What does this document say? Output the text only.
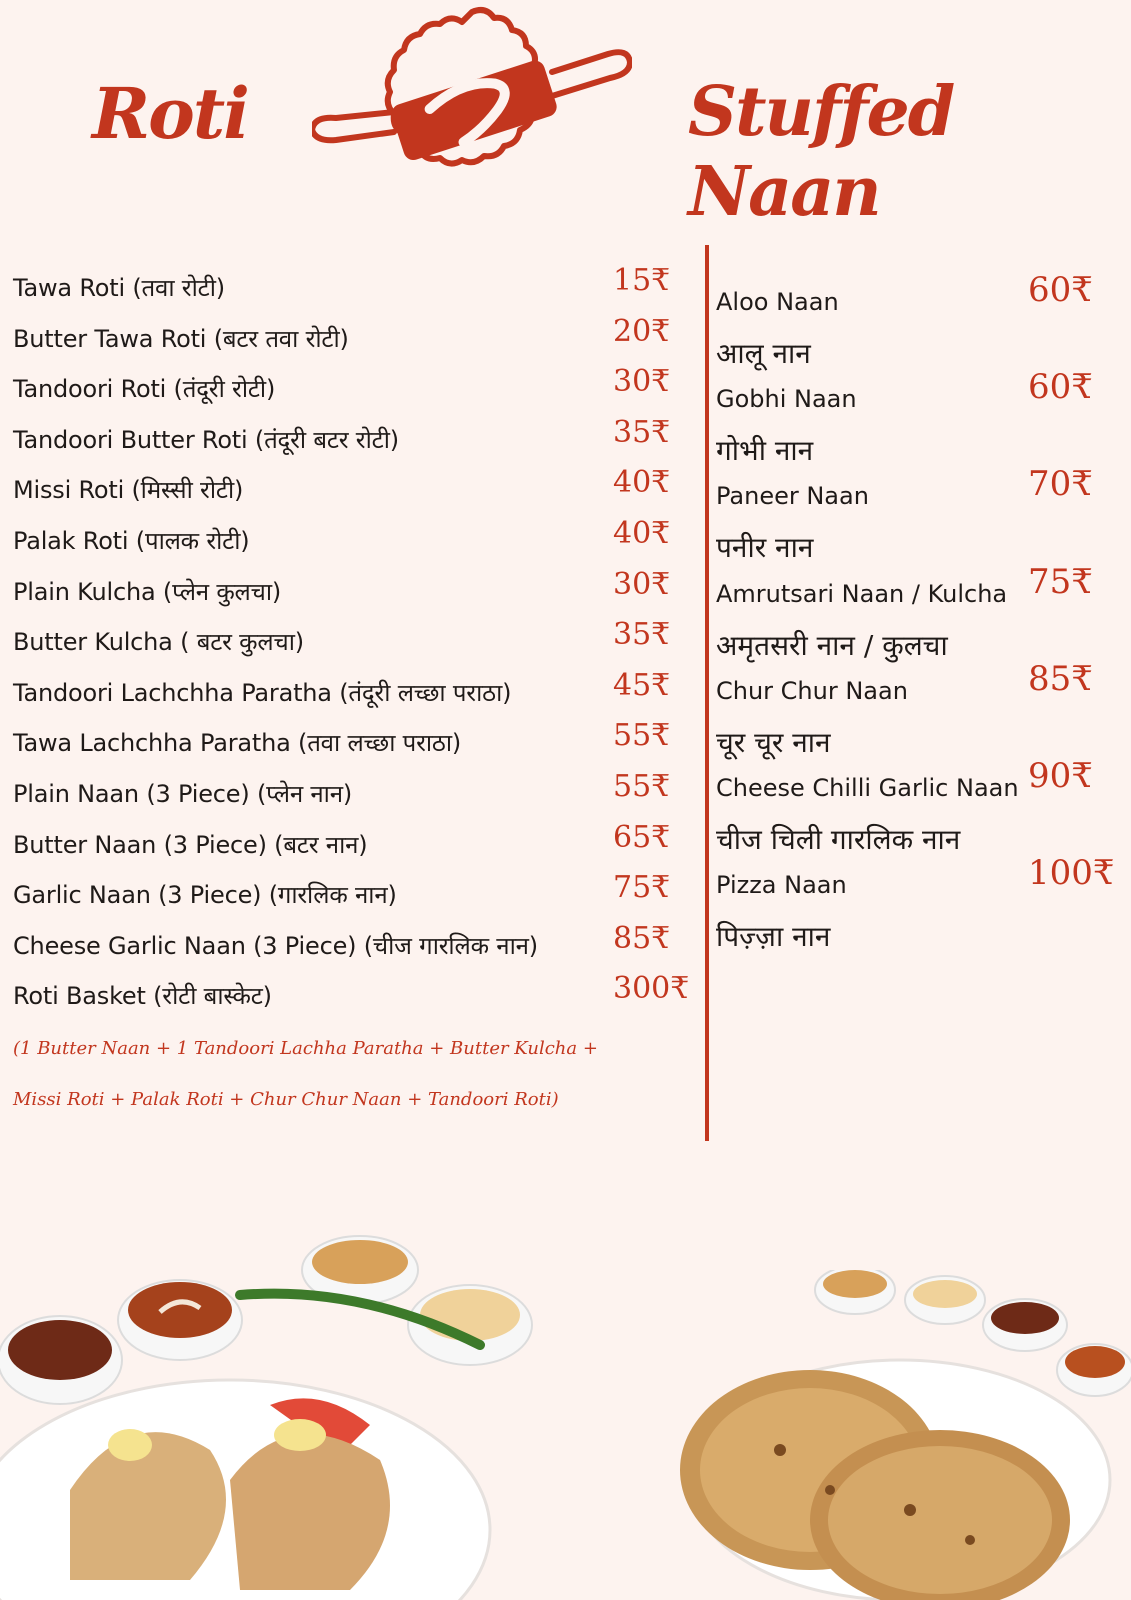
Roti	Stuffed Naan
Tawa Roti (तवा रोटी)	15₹
Butter Tawa Roti (बटर तवा रोटी)	20₹
Tandoori Roti (तंदूरी रोटी)	30₹
Tandoori Butter Roti (तंदूरी बटर रोटी)	35₹
Missi Roti (मिस्सी रोटी)	40₹
Palak Roti (पालक रोटी)	40₹
Plain Kulcha (प्लेन कुलचा)	30₹
Butter Kulcha ( बटर कुलचा)	35₹
Tandoori Lachchha Paratha (तंदूरी लच्छा पराठा)	45₹
Tawa Lachchha Paratha (तवा लच्छा पराठा)	55₹
Plain Naan (3 Piece) (प्लेन नान)	55₹
Butter Naan (3 Piece) (बटर नान)	65₹
Garlic Naan (3 Piece) (गारलिक नान)	75₹
Cheese Garlic Naan (3 Piece) (चीज गारलिक नान)	85₹
Roti Basket (रोटी बास्केट)	300₹
(1 Butter Naan + 1 Tandoori Lachha Paratha + Butter Kulcha +
Missi Roti + Palak Roti + Chur Chur Naan + Tandoori Roti)
Aloo Naan
आलू नान
60₹
Gobhi Naan
गोभी नान
60₹
Paneer Naan
पनीर नान
70₹
Amrutsari Naan / Kulcha
अमृतसरी नान / कुलचा
75₹
Chur Chur Naan
चूर चूर नान
85₹
Cheese Chilli Garlic Naan
चीज चिली गारलिक नान
90₹
Pizza Naan
पिज़्ज़ा नान
100₹
